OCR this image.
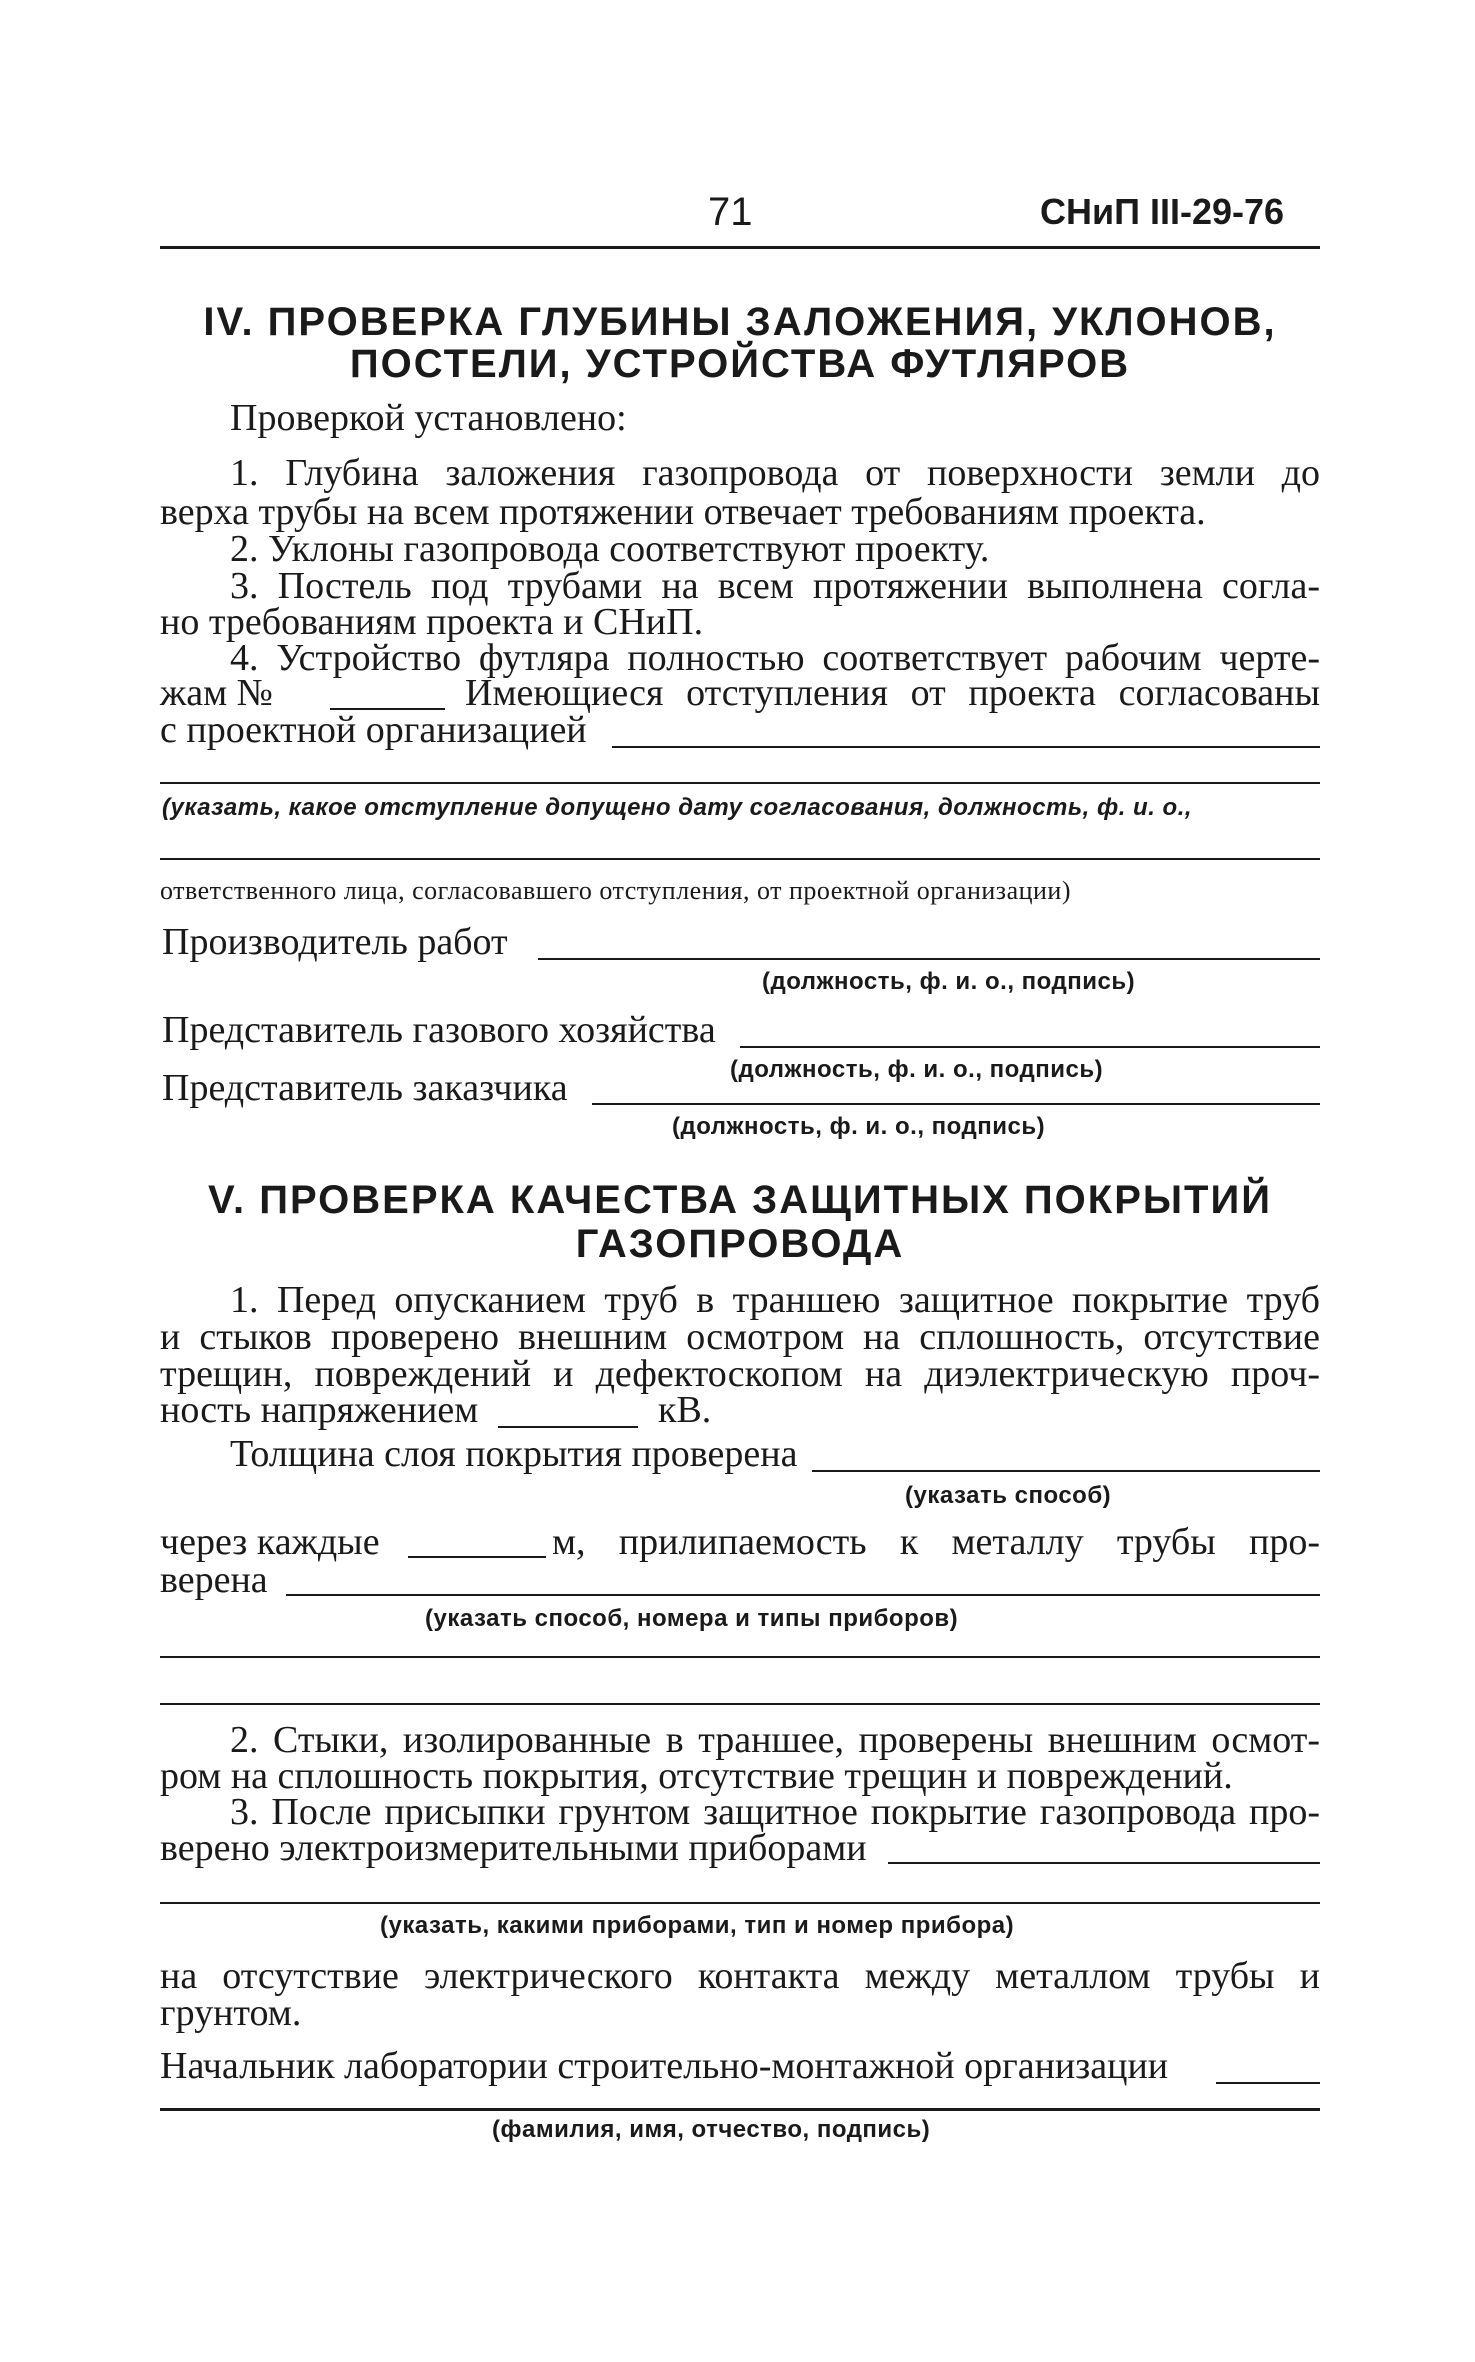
71	СНиП III-29-76
IV. ПРОВЕРКА ГЛУБИНЫ ЗАЛОЖЕНИЯ, УКЛОНОВ,
ПОСТЕЛИ, УСТРОЙСТВА ФУТЛЯРОВ
Проверкой установлено:
1. Глубина заложения газопровода от поверхности земли до
верха трубы на всем протяжении отвечает требованиям проекта.
2. Уклоны газопровода соответствуют проекту.
3. Постель под трубами на всем протяжении выполнена согла-
но требованиям проекта и СНиП.
4. Устройство футляра полностью соответствует рабочим черте-
жам №	Имеющиеся отступления от проекта согласованы
с проектной организацией
(указать, какое отступление допущено дату согласования, должность, ф. и. о.,
ответственного лица, согласовавшего отступления, от проектной организации)
Производитель работ
(должность, ф. и. о., подпись)
Представитель газового хозяйства
(должность, ф. и. о., подпись)
Представитель заказчика
(должность, ф. и. о., подпись)
V. ПРОВЕРКА КАЧЕСТВА ЗАЩИТНЫХ ПОКРЫТИЙ
ГАЗОПРОВОДА
1. Перед опусканием труб в траншею защитное покрытие труб
и стыков проверено внешним осмотром на сплошность, отсутствие
трещин, повреждений и дефектоскопом на диэлектрическую проч-
ность напряжением	кВ.
Толщина слоя покрытия проверена
(указать способ)
через каждые	м, прилипаемость к металлу трубы про-
верена
(указать способ, номера и типы приборов)
2. Стыки, изолированные в траншее, проверены внешним осмот-
ром на сплошность покрытия, отсутствие трещин и повреждений.
3. После присыпки грунтом защитное покрытие газопровода про-
верено электроизмерительными приборами
(указать, какими приборами, тип и номер прибора)
на отсутствие электрического контакта между металлом трубы и
грунтом.
Начальник лаборатории строительно-монтажной организации
(фамилия, имя, отчество, подпись)
